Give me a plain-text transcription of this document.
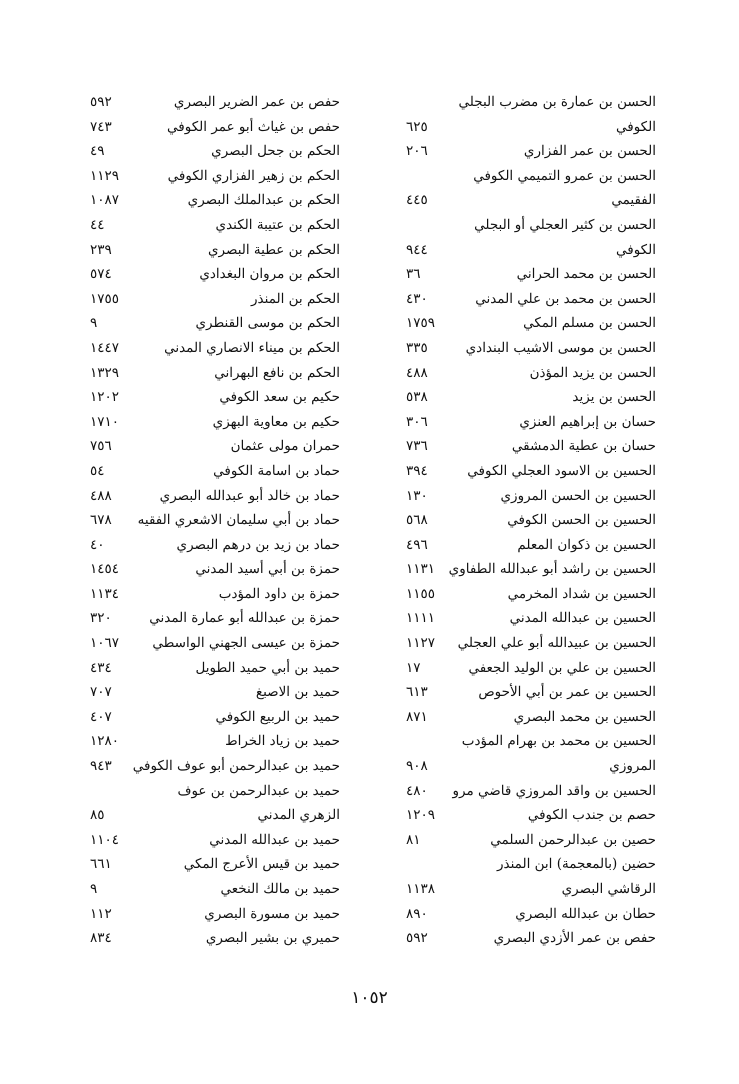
الحسن بن عمارة بن مضرب البجلي
الكوفي
٦٢٥
الحسن بن عمر الفزاري
٢٠٦
الحسن بن عمرو التميمي الكوفي
الفقيمي
٤٤٥
الحسن بن كثير العجلي أو البجلي
الكوفي
٩٤٤
الحسن بن محمد الحراني
٣٦
الحسن بن محمد بن علي المدني
٤٣٠
الحسن بن مسلم المكي
١٧٥٩
الحسن بن موسى الاشيب البندادي
٣٣٥
الحسن بن يزيد المؤذن
٤٨٨
الحسن بن يزيد
٥٣٨
حسان بن إبراهيم العنزي
٣٠٦
حسان بن عطية الدمشقي
٧٣٦
الحسين بن الاسود العجلي الكوفي
٣٩٤
الحسين بن الحسن المروزي
١٣٠
الحسين بن الحسن الكوفي
٥٦٨
الحسين بن ذكوان المعلم
٤٩٦
الحسين بن راشد أبو عبدالله الطفاوي
١١٣١
الحسين بن شداد المخرمي
١١٥٥
الحسين بن عبدالله المدني
١١١١
الحسين بن عبيدالله أبو علي العجلي
١١٢٧
الحسين بن علي بن الوليد الجعفي
١٧
الحسين بن عمر بن أبي الأحوص
٦١٣
الحسين بن محمد البصري
٨٧١
الحسين بن محمد بن بهرام المؤدب
المروزي
٩٠٨
الحسين بن واقد المروزي قاضي مرو
٤٨٠
حصم بن جندب الكوفي
١٢٠٩
حصين بن عبدالرحمن السلمي
٨١
حضين (بالمعجمة) ابن المنذر
الرقاشي البصري
١١٣٨
حطان بن عبدالله البصري
٨٩٠
حفص بن عمر الأزدي البصري
٥٩٢
حفص بن عمر الضرير البصري
٥٩٢
حفص بن غياث أبو عمر الكوفي
٧٤٣
الحكم بن جحل البصري
٤٩
الحكم بن زهير الفزاري الكوفي
١١٢٩
الحكم بن عبدالملك البصري
١٠٨٧
الحكم بن عتيبة الكندي
٤٤
الحكم بن عطية البصري
٢٣٩
الحكم بن مروان البغدادي
٥٧٤
الحكم بن المنذر
١٧٥٥
الحكم بن موسى القنطري
٩
الحكم بن ميناء الانصاري المدني
١٤٤٧
الحكم بن نافع البهراني
١٣٢٩
حكيم بن سعد الكوفي
١٢٠٢
حكيم بن معاوية البهزي
١٧١٠
حمران مولى عثمان
٧٥٦
حماد بن اسامة الكوفي
٥٤
حماد بن خالد أبو عبدالله البصري
٤٨٨
حماد بن أبي سليمان الاشعري الفقيه
٦٧٨
حماد بن زيد بن درهم البصري
٤٠
حمزة بن أبي أسيد المدني
١٤٥٤
حمزة بن داود المؤدب
١١٣٤
حمزة بن عبدالله أبو عمارة المدني
٣٢٠
حمزة بن عيسى الجهني الواسطي
١٠٦٧
حميد بن أبي حميد الطويل
٤٣٤
حميد بن الاصبغ
٧٠٧
حميد بن الربيع الكوفي
٤٠٧
حميد بن زياد الخراط
١٢٨٠
حميد بن عبدالرحمن أبو عوف الكوفي
٩٤٣
حميد بن عبدالرحمن بن عوف
الزهري المدني
٨٥
حميد بن عبدالله المدني
١١٠٤
حميد بن قيس الأعرج المكي
٦٦١
حميد بن مالك النخعي
٩
حميد بن مسورة البصري
١١٢
حميري بن بشير البصري
٨٣٤
١٠٥٢
